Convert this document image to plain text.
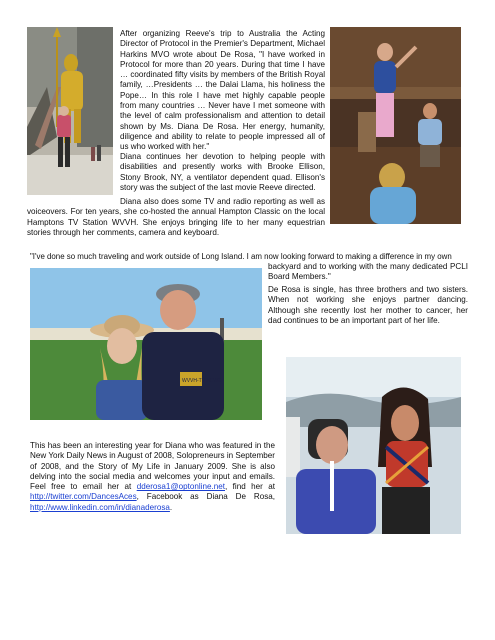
After organizing Reeve's trip to Australia the Acting Director of Protocol in the Premier's Department, Michael Harkins MVO wrote about De Rosa, "I have worked in Protocol for more than 20 years. During that time I have … coordinated fifty visits by members of the British Royal family, …Presidents … the Dalai Llama, his holiness the Pope… In this role I have met highly capable people from many countries … Never have I met someone with the level of calm professionalism and attention to detail shown by Ms. Diana De Rosa. Her energy, humanity, diligence and ability to relate to people impressed all of us who worked with her."
Diana continues her devotion to helping people with disabilities and presently works with Brooke Ellison, Stony Brook, NY, a ventilator dependent quad. Ellison's story was the subject of the last movie Reeve directed.
Diana also does some TV and radio reporting as well as voiceovers. For ten years, she co-hosted the annual Hampton Classic on the local Hamptons TV Station WVVH. She enjoys bringing life to her many equestrian stories through her comments, camera and keyboard.
"I've done so much traveling and work outside of Long Island. I am now looking forward to making a difference in my own
backyard and to working with the many dedicated PCLI Board Members."
WVVH-TV NEWS
De Rosa is single, has three brothers and two sisters. When not working she enjoys partner dancing. Although she recently lost her mother to cancer, her dad continues to be an important part of her life.
This has been an interesting year for Diana who was featured in the New York Daily News in August of 2008, Solopreneurs in September of 2008, and the Story of My Life in January 2009. She is also delving into the social media and welcomes your input and emails. Feel free to email her at dderosa1@optonline.net, find her at http://twitter.com/DancesAces, Facebook as Diana De Rosa, http://www.linkedin.com/in/dianaderosa.
